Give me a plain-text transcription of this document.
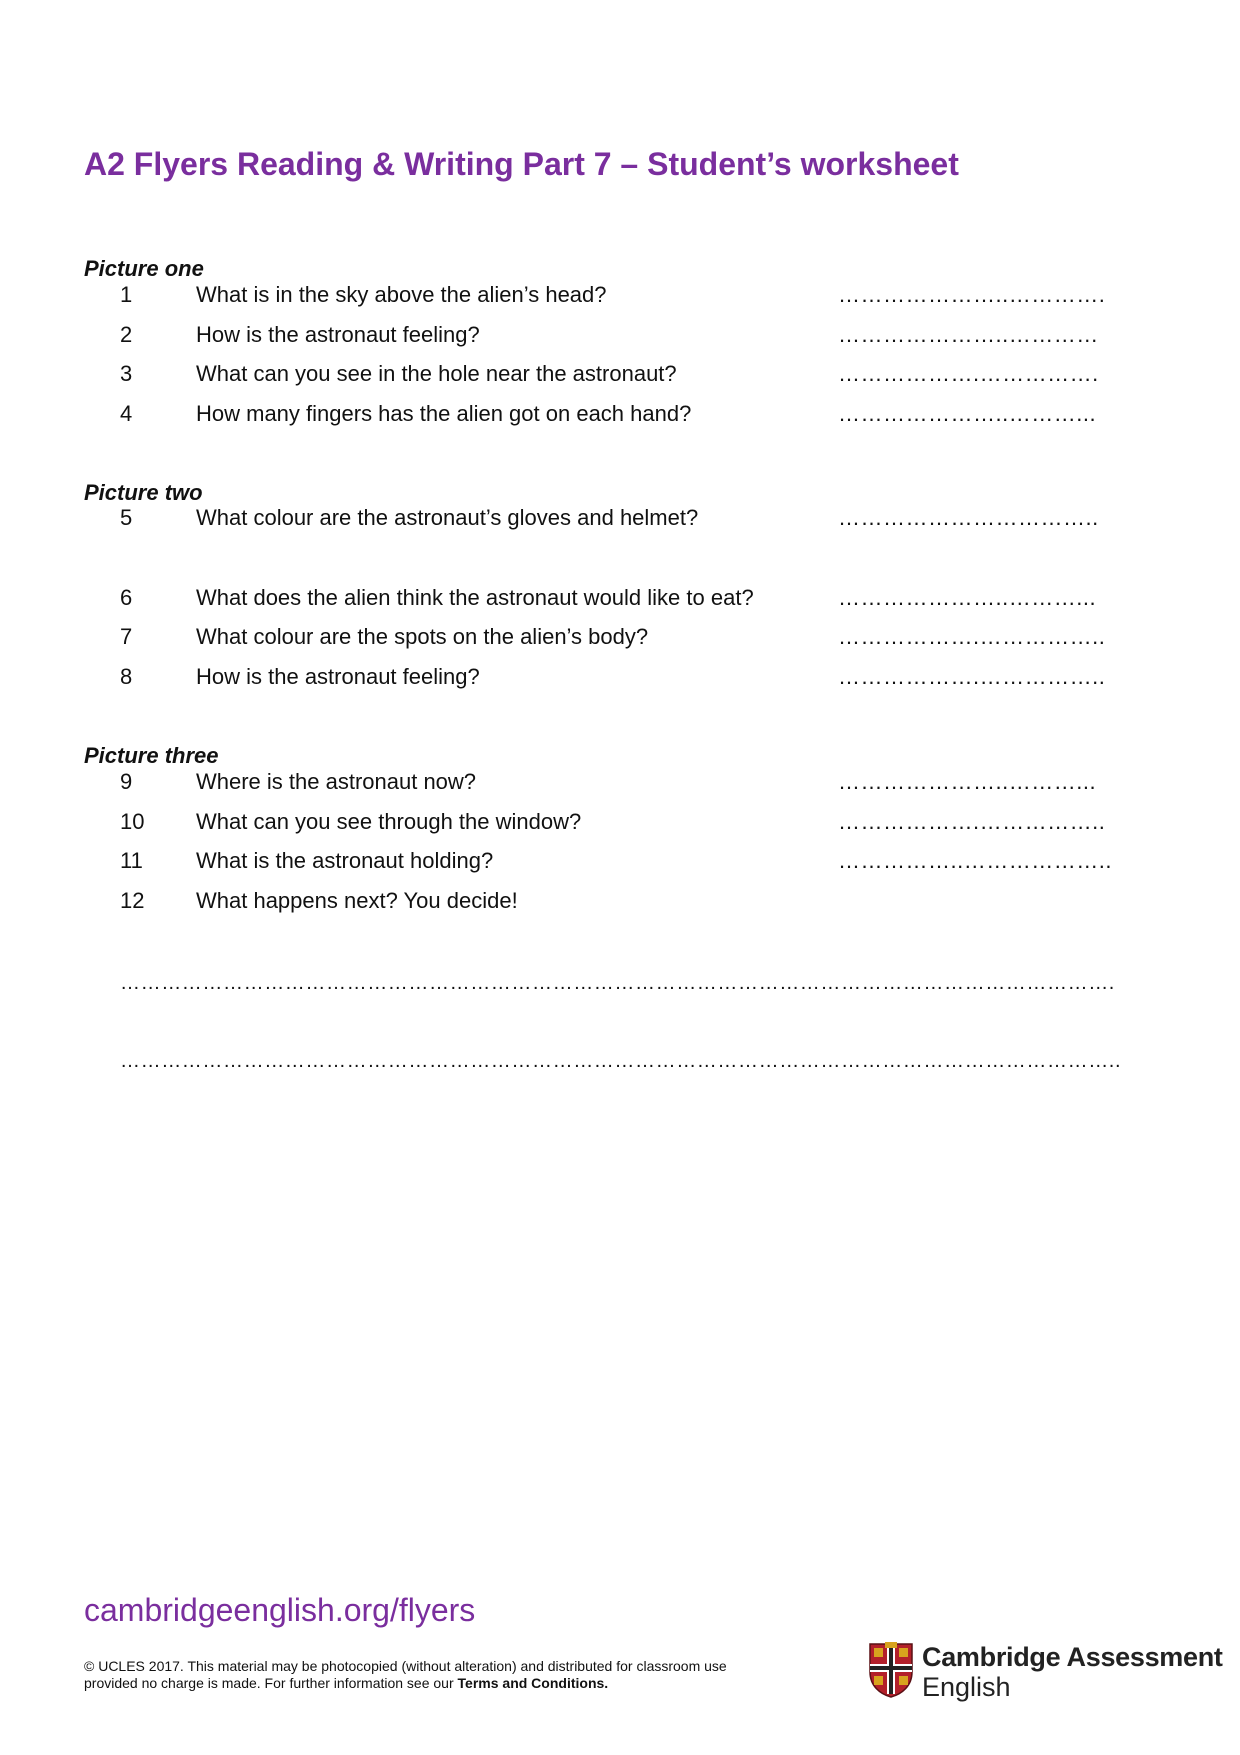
A2 Flyers Reading & Writing Part 7 – Student’s worksheet
Picture one
1	What is in the sky above the alien’s head?	…………………..………….
2	How is the astronaut feeling?	…………………..…………
3	What can you see in the hole near the astronaut?	……………….…………….
4	How many fingers has the alien got on each hand?	…………………..………...
Picture two
5	What colour are the astronaut’s gloves and helmet?	……………………………..
6	What does the alien think the astronaut would like to eat?	…………………..………...
7	What colour are the spots on the alien’s body?	……………….……………..
8	How is the astronaut feeling?	……………….……………..
Picture three
9	Where is the astronaut now?	…………………..………...
10 What can you see through the window?	……………….……………..
11 What is the astronaut holding?	……………..………………..
12 What happens next? You decide!
……………………………………………………………………………………………………………………………….
………………………………………………………………………………………………………………………………..
cambridgeenglish.org/flyers
© UCLES 2017. This material may be photocopied (without alteration) and distributed for classroom use provided no charge is made. For further information see our Terms and Conditions.
Cambridge Assessment
English
